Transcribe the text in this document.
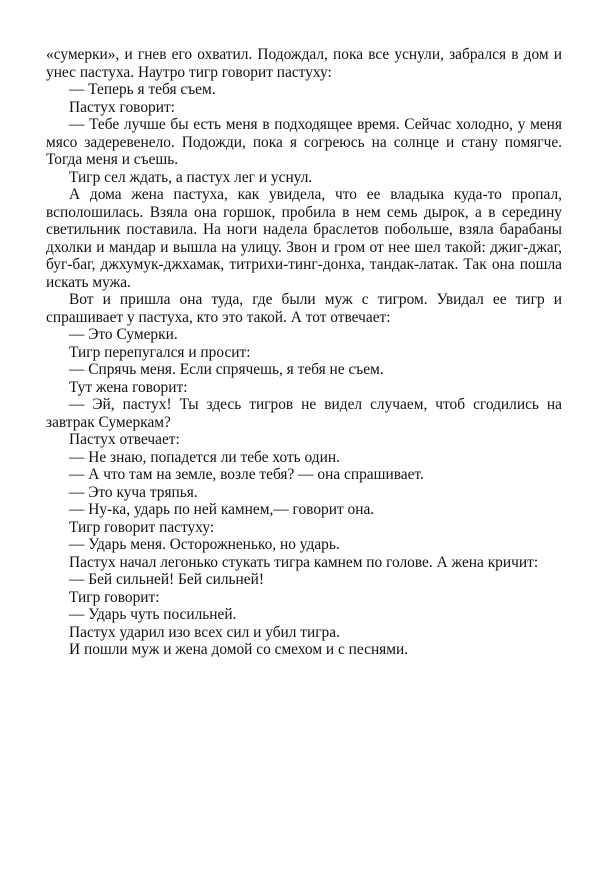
«сумерки», и гнев его охватил. Подождал, пока все уснули, забрался в дом и унес пастуха. Наутро тигр говорит пастуху:

— Теперь я тебя съем.

Пастух говорит:

— Тебе лучше бы есть меня в подходящее время. Сейчас холодно, у меня мясо задеревенело. Подожди, пока я согреюсь на солнце и стану помягче. Тогда меня и съешь.

Тигр сел ждать, а пастух лег и уснул.

А дома жена пастуха, как увидела, что ее владыка куда-то пропал, всполошилась. Взяла она горшок, пробила в нем семь дырок, а в середину светильник поставила. На ноги надела браслетов побольше, взяла барабаны дхолки и мандар и вышла на улицу. Звон и гром от нее шел такой: джиг-джаг, буг-баг, джхумук-джхамак, титрихи-тинг-донха, тандак-латак. Так она пошла искать мужа.

Вот и пришла она туда, где были муж с тигром. Увидал ее тигр и спрашивает у пастуха, кто это такой. А тот отвечает:

— Это Сумерки.

Тигр перепугался и просит:

— Спрячь меня. Если спрячешь, я тебя не съем.

Тут жена говорит:

— Эй, пастух! Ты здесь тигров не видел случаем, чтоб сгодились на завтрак Сумеркам?

Пастух отвечает:

— Не знаю, попадется ли тебе хоть один.

— А что там на земле, возле тебя? — она спрашивает.

— Это куча тряпья.

— Ну-ка, ударь по ней камнем,— говорит она.

Тигр говорит пастуху:

— Ударь меня. Осторожненько, но ударь.

Пастух начал легонько стукать тигра камнем по голове. А жена кричит:

— Бей сильней! Бей сильней!

Тигр говорит:

— Ударь чуть посильней.

Пастух ударил изо всех сил и убил тигра.

И пошли муж и жена домой со смехом и с песнями.
